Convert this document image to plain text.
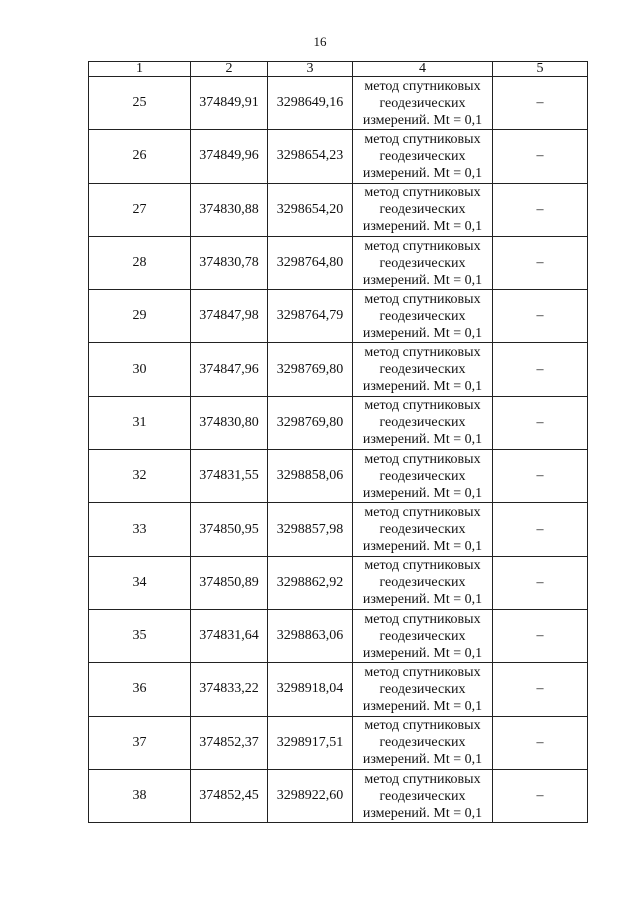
16
1	2	3	4	5
25	374849,91	3298649,16	метод спутниковых
геодезических
измерений. Mt = 0,1	–
26	374849,96	3298654,23	метод спутниковых
геодезических
измерений. Mt = 0,1	–
27	374830,88	3298654,20	метод спутниковых
геодезических
измерений. Mt = 0,1	–
28	374830,78	3298764,80	метод спутниковых
геодезических
измерений. Mt = 0,1	–
29	374847,98	3298764,79	метод спутниковых
геодезических
измерений. Mt = 0,1	–
30	374847,96	3298769,80	метод спутниковых
геодезических
измерений. Mt = 0,1	–
31	374830,80	3298769,80	метод спутниковых
геодезических
измерений. Mt = 0,1	–
32	374831,55	3298858,06	метод спутниковых
геодезических
измерений. Mt = 0,1	–
33	374850,95	3298857,98	метод спутниковых
геодезических
измерений. Mt = 0,1	–
34	374850,89	3298862,92	метод спутниковых
геодезических
измерений. Mt = 0,1	–
35	374831,64	3298863,06	метод спутниковых
геодезических
измерений. Mt = 0,1	–
36	374833,22	3298918,04	метод спутниковых
геодезических
измерений. Mt = 0,1	–
37	374852,37	3298917,51	метод спутниковых
геодезических
измерений. Mt = 0,1	–
38	374852,45	3298922,60	метод спутниковых
геодезических
измерений. Mt = 0,1	–
